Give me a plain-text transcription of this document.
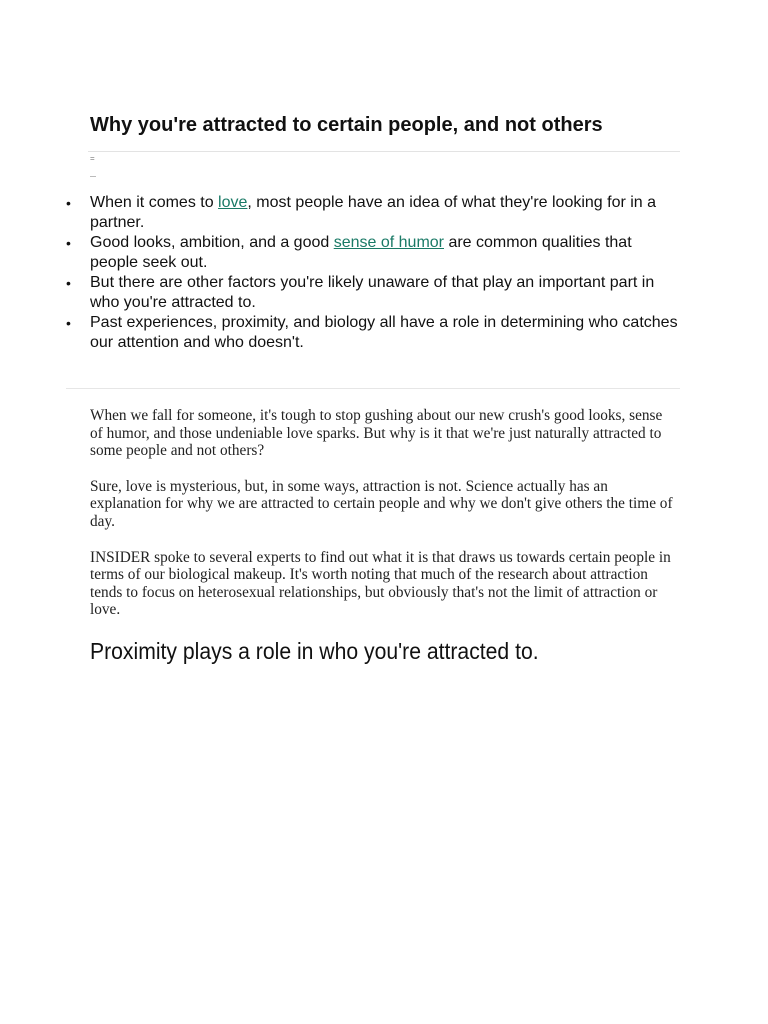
Why you're attracted to certain people, and not others
=
• When it comes to love, most people have an idea of what they're looking for in a partner.
• Good looks, ambition, and a good sense of humor are common qualities that people seek out.
• But there are other factors you're likely unaware of that play an important part in who you're attracted to.
• Past experiences, proximity, and biology all have a role in determining who catches our attention and who doesn't.

When we fall for someone, it's tough to stop gushing about our new crush's good looks, sense of humor, and those undeniable love sparks. But why is it that we're just naturally attracted to some people and not others?

Sure, love is mysterious, but, in some ways, attraction is not. Science actually has an explanation for why we are attracted to certain people and why we don't give others the time of day.

INSIDER spoke to several experts to find out what it is that draws us towards certain people in terms of our biological makeup. It's worth noting that much of the research about attraction tends to focus on heterosexual relationships, but obviously that's not the limit of attraction or love.

Proximity plays a role in who you're attracted to.
